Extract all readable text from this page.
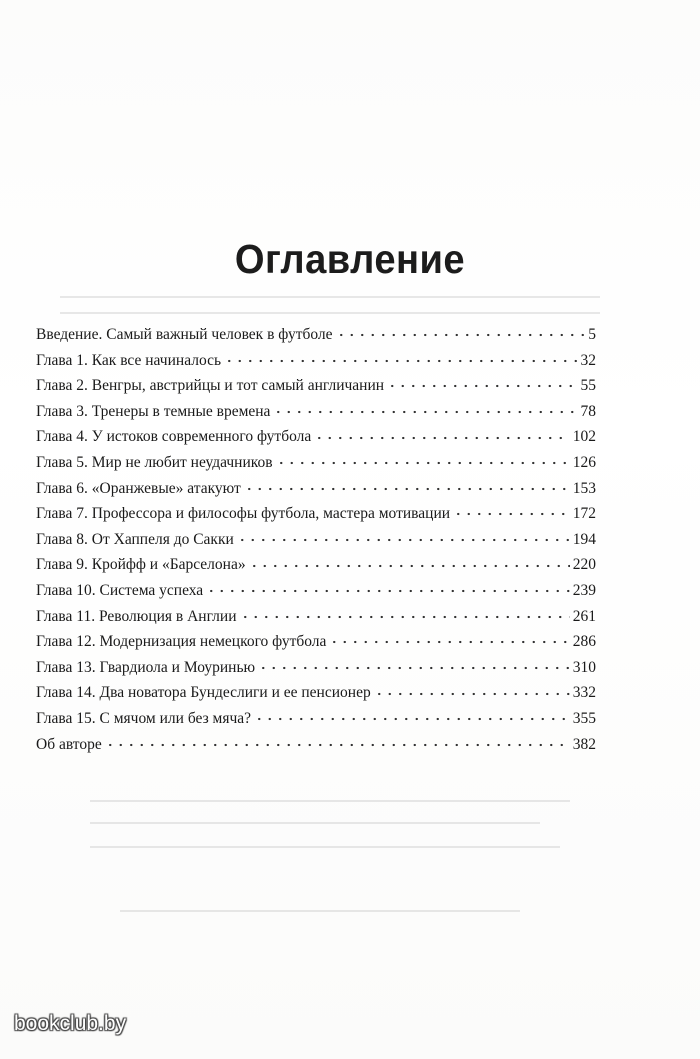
Оглавление
Введение. Самый важный человек в футболе	5
Глава 1. Как все начиналось	32
Глава 2. Венгры, австрийцы и тот самый англичанин	55
Глава 3. Тренеры в темные времена	78
Глава 4. У истоков современного футбола	102
Глава 5. Мир не любит неудачников	126
Глава 6. «Оранжевые» атакуют	153
Глава 7. Профессора и философы футбола, мастера мотивации	172
Глава 8. От Хаппеля до Сакки	194
Глава 9. Кройфф и «Барселона»	220
Глава 10. Система успеха	239
Глава 11. Революция в Англии	261
Глава 12. Модернизация немецкого футбола	286
Глава 13. Гвардиола и Моуринью	310
Глава 14. Два новатора Бундеслиги и ее пенсионер	332
Глава 15. С мячом или без мяча?	355
Об авторе	382
bookclub.by
